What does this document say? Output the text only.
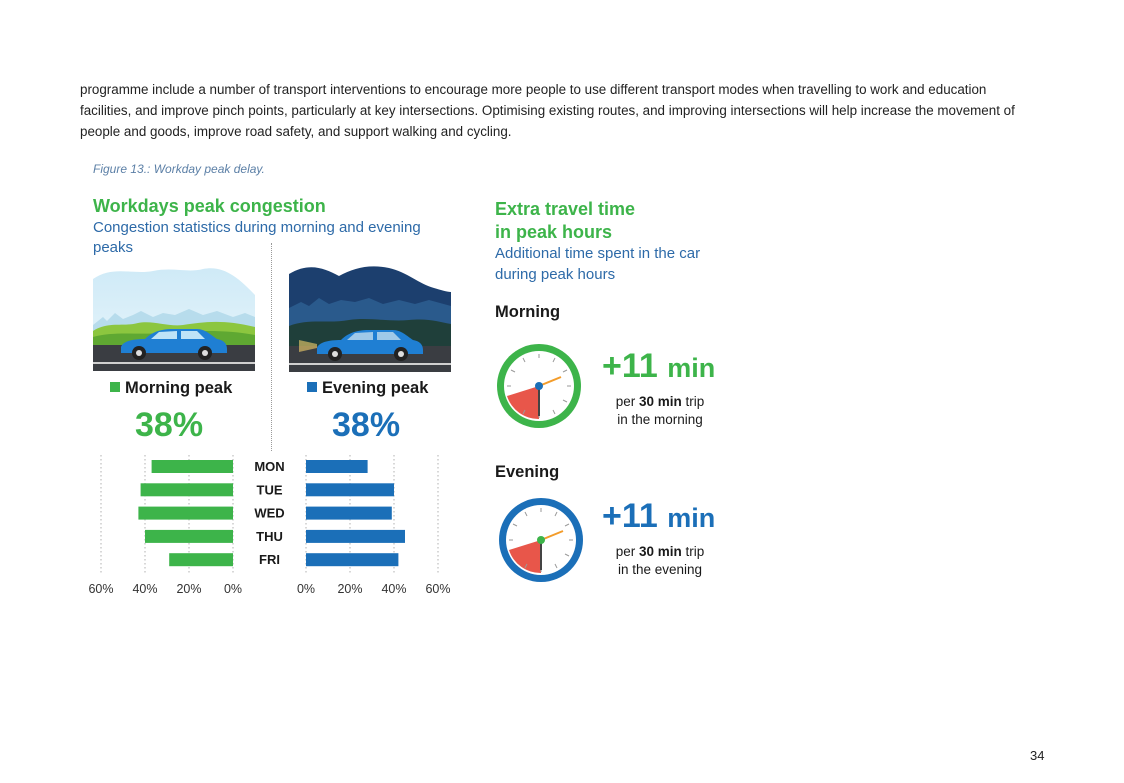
programme include a number of transport interventions to encourage more people to use different transport modes when travelling to work and education facilities, and improve pinch points, particularly at key intersections. Optimising existing routes, and improving intersections will help increase the movement of people and goods, improve road safety, and support walking and cycling.
Figure 13.: Workday peak delay.
Workdays peak congestion
Congestion statistics during morning and evening peaks
Morning peak	Evening peak
38%	38%
MON
TUE
WED
THU
FRI
60% 40% 20% 0%	0% 20% 40% 60%
Extra travel time
in peak hours
Additional time spent in the car
during peak hours
Morning
+11 min
per 30 min trip
in the morning
Evening
+11 min
per 30 min trip
in the evening
34
